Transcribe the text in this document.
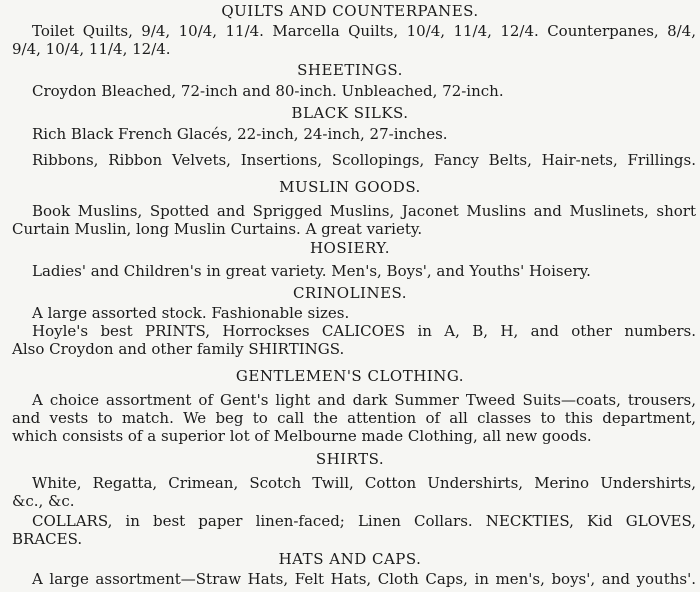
QUILTS AND COUNTERPANES.
Toilet Quilts, 9/4, 10/4, 11/4. Marcella Quilts, 10/4, 11/4, 12/4. Counterpanes, 8/4,
9/4, 10/4, 11/4, 12/4.
SHEETINGS.
Croydon Bleached, 72-inch and 80-inch. Unbleached, 72-inch.
BLACK SILKS.
Rich Black French Glacés, 22-inch, 24-inch, 27-inches.
Ribbons, Ribbon Velvets, Insertions, Scollopings, Fancy Belts, Hair-nets, Frillings.
MUSLIN GOODS.
Book Muslins, Spotted and Sprigged Muslins, Jaconet Muslins and Muslinets, short
Curtain Muslin, long Muslin Curtains. A great variety.
HOSIERY.
Ladies' and Children's in great variety. Men's, Boys', and Youths' Hoisery.
CRINOLINES.
A large assorted stock. Fashionable sizes.
Hoyle's best PRINTS, Horrockses CALICOES in A, B, H, and other numbers.
Also Croydon and other family SHIRTINGS.
GENTLEMEN'S CLOTHING.
A choice assortment of Gent's light and dark Summer Tweed Suits—coats, trousers,
and vests to match. We beg to call the attention of all classes to this department,
which consists of a superior lot of Melbourne made Clothing, all new goods.
SHIRTS.
White, Regatta, Crimean, Scotch Twill, Cotton Undershirts, Merino Undershirts,
&c., &c.
COLLARS, in best paper linen-faced; Linen Collars. NECKTIES, Kid GLOVES,
BRACES.
HATS AND CAPS.
A large assortment—Straw Hats, Felt Hats, Cloth Caps, in men's, boys', and youths'.
